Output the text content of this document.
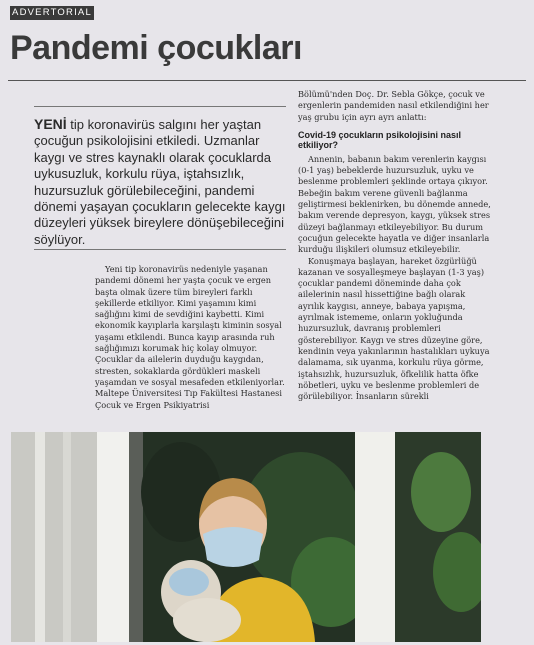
ADVERTORIAL
Pandemi çocukları
YENİ tip koronavirüs salgını her yaştan çocuğun psikolojisini etkiledi. Uzmanlar kaygı ve stres kaynaklı olarak çocuklarda uykusuzluk, korkulu rüya, iştahsızlık, huzursuzluk görülebileceğini, pandemi dönemi yaşayan çocukların gelecekte kaygı düzeyleri yüksek bireylere dönüşebileceğini söylüyor.

Yeni tip koronavirüs nedeniyle yaşanan pandemi dönemi her yaşta çocuk ve ergen başta olmak üzere tüm bireyleri farklı şekillerde etkiliyor. Kimi yaşamını kimi sağlığını kimi de sevdiğini kaybetti. Kimi ekonomik kayıplarla karşılaştı kiminin sosyal yaşamı etkilendi. Bunca kayıp arasında ruh sağlığımızı korumak hiç kolay olmuyor. Çocuklar da ailelerin duyduğu kaygıdan, stresten, sokaklarda gördükleri maskeli yaşamdan ve sosyal mesafeden etkileniyorlar. Maltepe Üniversitesi Tıp Fakültesi Hastanesi Çocuk ve Ergen Psikiyatrisi

Bölümü'nden Doç. Dr. Sebla Gökçe, çocuk ve ergenlerin pandemiden nasıl etkilendiğini her yaş grubu için ayrı ayrı anlattı:

Covid-19 çocukların psikolojisini nasıl etkiliyor?

Annenin, babanın bakım verenlerin kaygısı (0-1 yaş) bebeklerde huzursuzluk, uyku ve beslenme problemleri şeklinde ortaya çıkıyor. Bebeğin bakım verene güvenli bağlanma geliştirmesi beklenirken, bu dönemde annede, bakım verende depresyon, kaygı, yüksek stres düzeyi bağlanmayı etkileyebiliyor. Bu durum çocuğun gelecekte hayatla ve diğer insanlarla kurduğu ilişkileri olumsuz etkileyebilir.

Konuşmaya başlayan, hareket özgürlüğü kazanan ve sosyalleşmeye başlayan (1-3 yaş) çocuklar pandemi döneminde daha çok ailelerinin nasıl hissettiğine bağlı olarak ayrılık kaygısı, anneye, babaya yapışma, ayrılmak istememe, onların yokluğunda huzursuzluk, davranış problemleri gösterebiliyor. Kaygı ve stres düzeyine göre, kendinin veya yakınlarının hastalıkları uykuya dalamama, sık uyanma, korkulu rüya görme, iştahsızlık, huzursuzluk, öfkelilik hatta öfke nöbetleri, uyku ve beslenme problemleri de görülebiliyor. İnsanların sürekli
